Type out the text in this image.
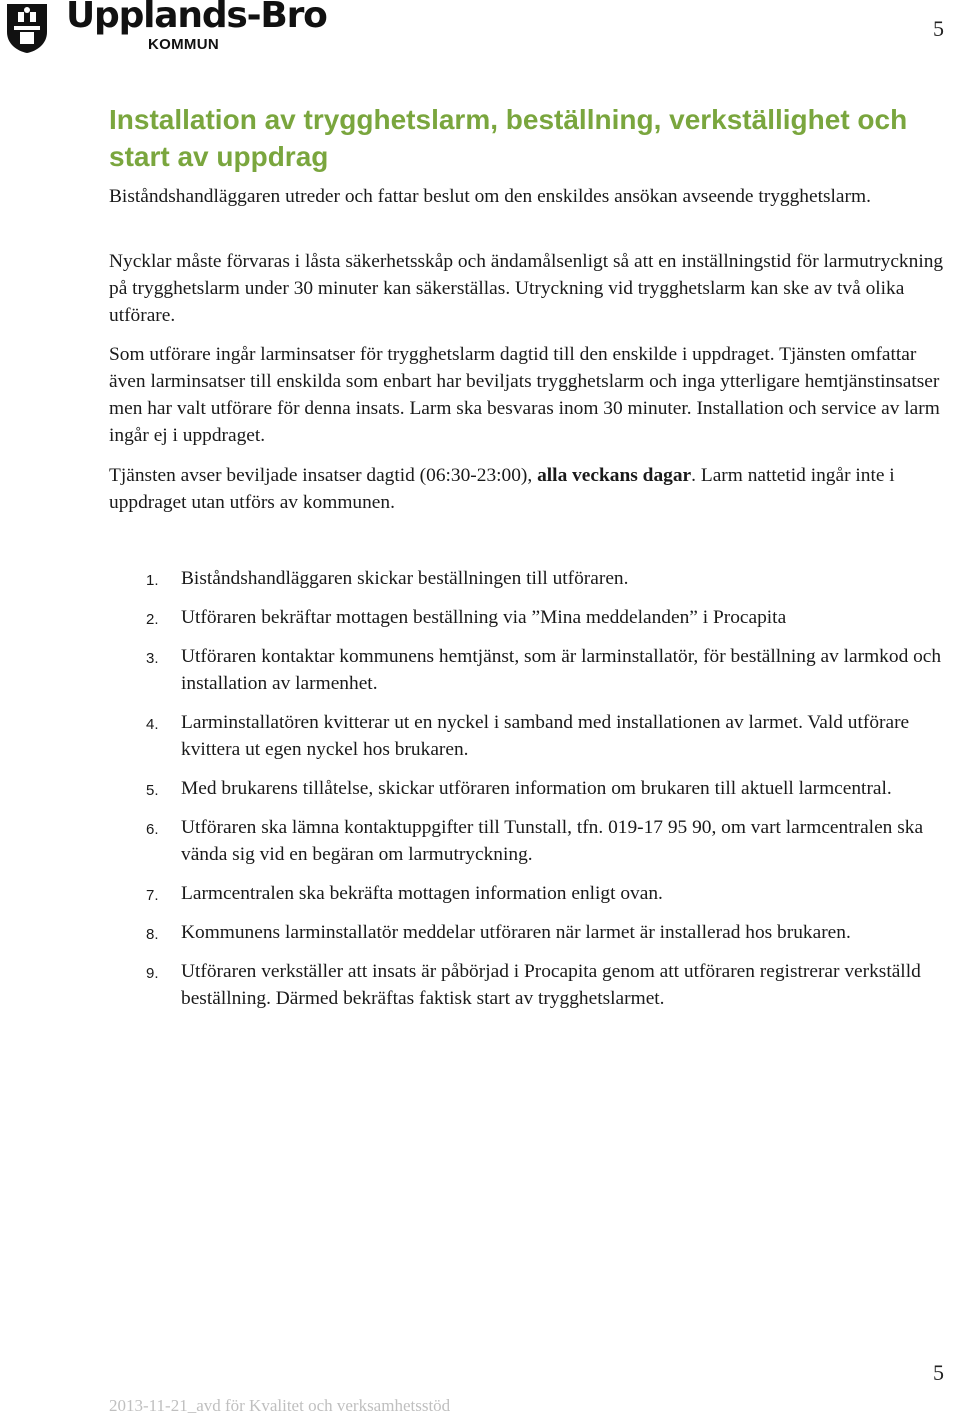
Upplands-Bro
KOMMUN
5
Installation av trygghetslarm, beställning, verkställighet och start av uppdrag

Biståndshandläggaren utreder och fattar beslut om den enskildes ansökan avseende trygghetslarm.

Nycklar måste förvaras i låsta säkerhetsskåp och ändamålsenligt så att en inställningstid för larmutryckning på trygghetslarm under 30 minuter kan säkerställas. Utryckning vid trygghetslarm kan ske av två olika utförare.

Som utförare ingår larminsatser för trygghetslarm dagtid till den enskilde i uppdraget. Tjänsten omfattar även larminsatser till enskilda som enbart har beviljats trygghetslarm och inga ytterligare hemtjänstinsatser men har valt utförare för denna insats. Larm ska besvaras inom 30 minuter. Installation och service av larm ingår ej i uppdraget.

Tjänsten avser beviljade insatser dagtid (06:30-23:00), alla veckans dagar. Larm nattetid ingår inte i uppdraget utan utförs av kommunen.

1. Biståndshandläggaren skickar beställningen till utföraren.
2. Utföraren bekräftar mottagen beställning via ”Mina meddelanden” i Procapita
3. Utföraren kontaktar kommunens hemtjänst, som är larminstallatör, för beställning av larmkod och installation av larmenhet.
4. Larminstallatören kvitterar ut en nyckel i samband med installationen av larmet. Vald utförare kvittera ut egen nyckel hos brukaren.
5. Med brukarens tillåtelse, skickar utföraren information om brukaren till aktuell larmcentral.
6. Utföraren ska lämna kontaktuppgifter till Tunstall, tfn. 019-17 95 90, om vart larmcentralen ska vända sig vid en begäran om larmutryckning.
7. Larmcentralen ska bekräfta mottagen information enligt ovan.
8. Kommunens larminstallatör meddelar utföraren när larmet är installerad hos brukaren.
9. Utföraren verkställer att insats är påbörjad i Procapita genom att utföraren registrerar verkställd beställning. Därmed bekräftas faktisk start av trygghetslarmet.
5
2013-11-21_avd för Kvalitet och verksamhetsstöd
